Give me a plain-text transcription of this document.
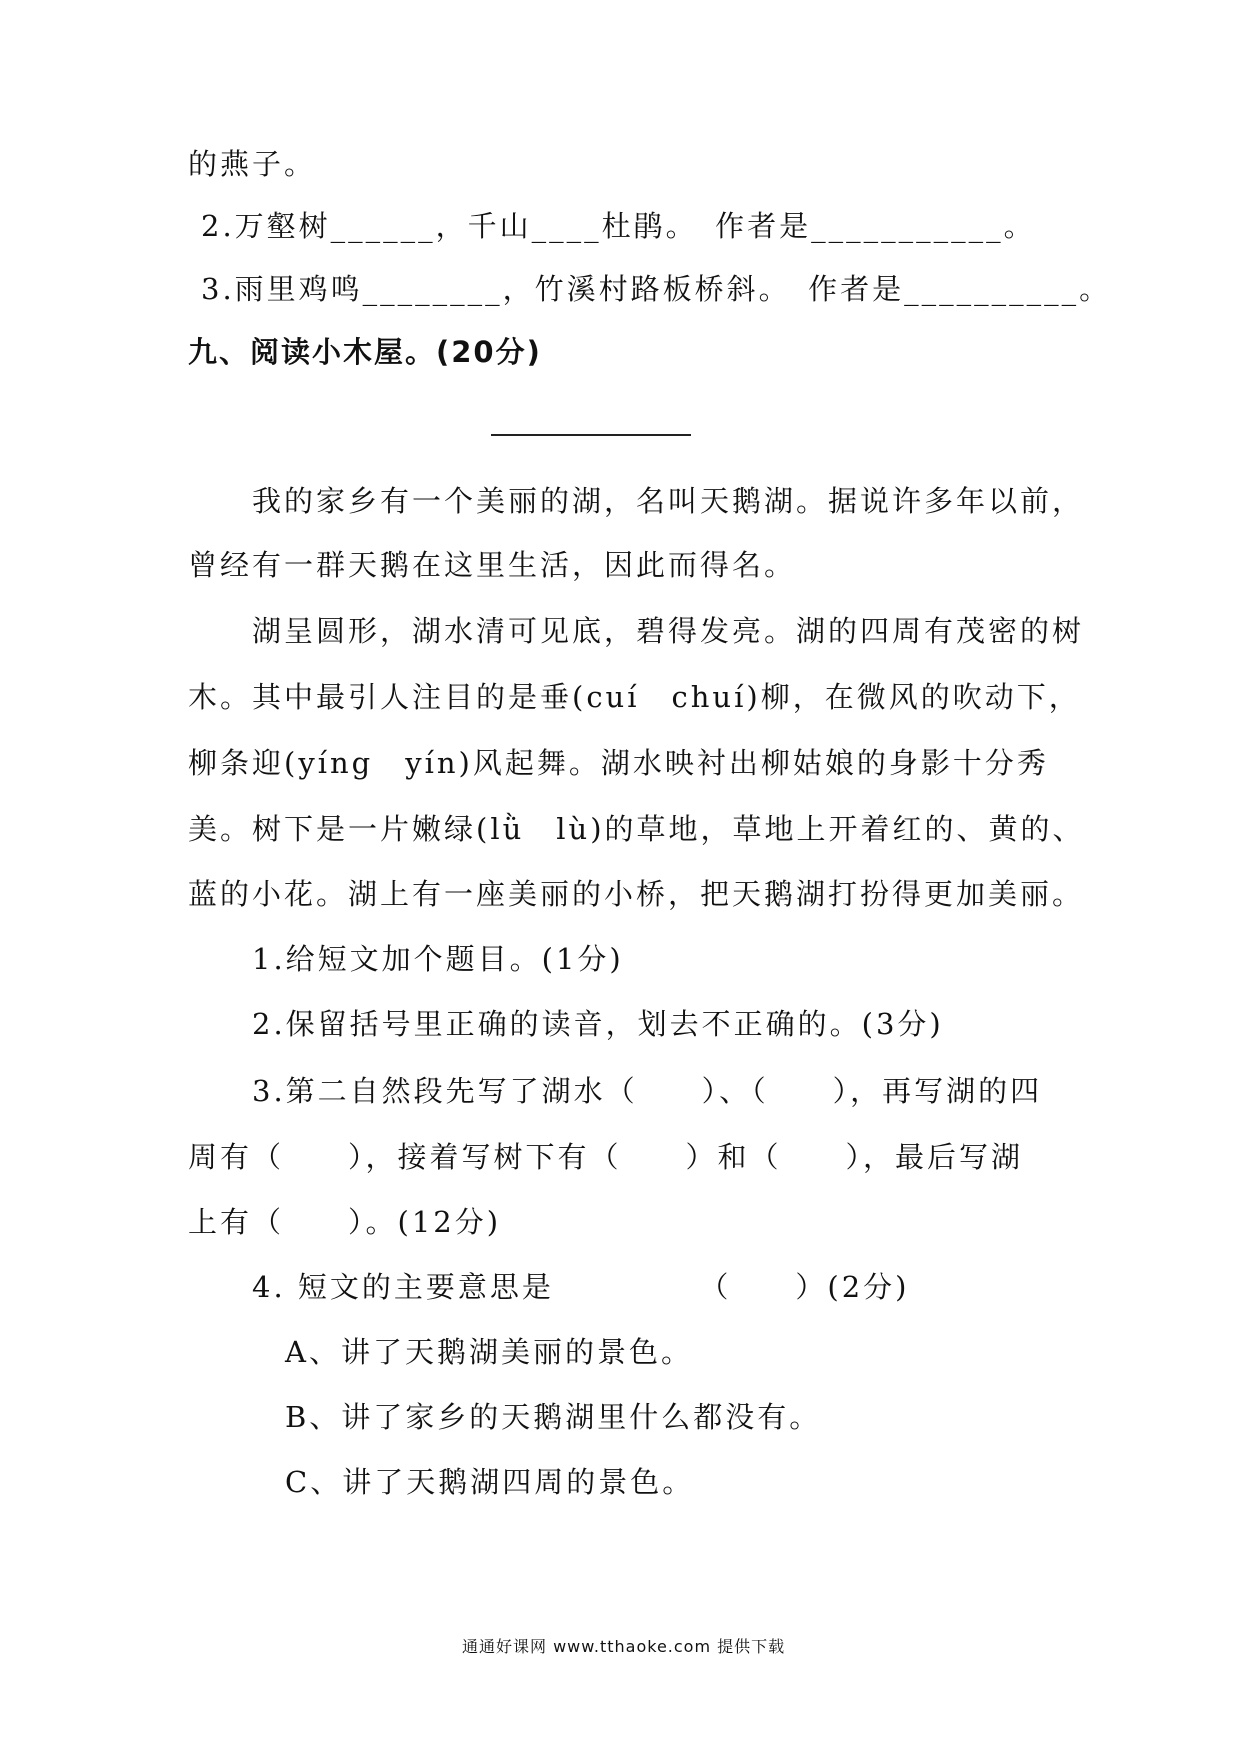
的燕子。
2.万壑树______，千山____杜鹃。　作者是___________。
3.雨里鸡鸣________，竹溪村路板桥斜。　作者是__________。
九、阅读小木屋。(20分)
我的家乡有一个美丽的湖，名叫天鹅湖。据说许多年以前，
曾经有一群天鹅在这里生活，因此而得名。
湖呈圆形，湖水清可见底，碧得发亮。湖的四周有茂密的树
木。其中最引人注目的是垂(cuí　chuí)柳，在微风的吹动下，
柳条迎(yíng　yín)风起舞。湖水映衬出柳姑娘的身影十分秀
美。树下是一片嫩绿(lǜ　lù)的草地，草地上开着红的、黄的、
蓝的小花。湖上有一座美丽的小桥，把天鹅湖打扮得更加美丽。
1.给短文加个题目。(1分)
2.保留括号里正确的读音，划去不正确的。(3分)
3.第二自然段先写了湖水（　　）、（　　），再写湖的四
周有（　　），接着写树下有（　　）和（　　），最后写湖
上有（　　）。(12分)
4. 短文的主要意思是　　　　　（　　）(2分)
A、讲了天鹅湖美丽的景色。
B、讲了家乡的天鹅湖里什么都没有。
C、讲了天鹅湖四周的景色。
通通好课网 www.tthaoke.com 提供下载
